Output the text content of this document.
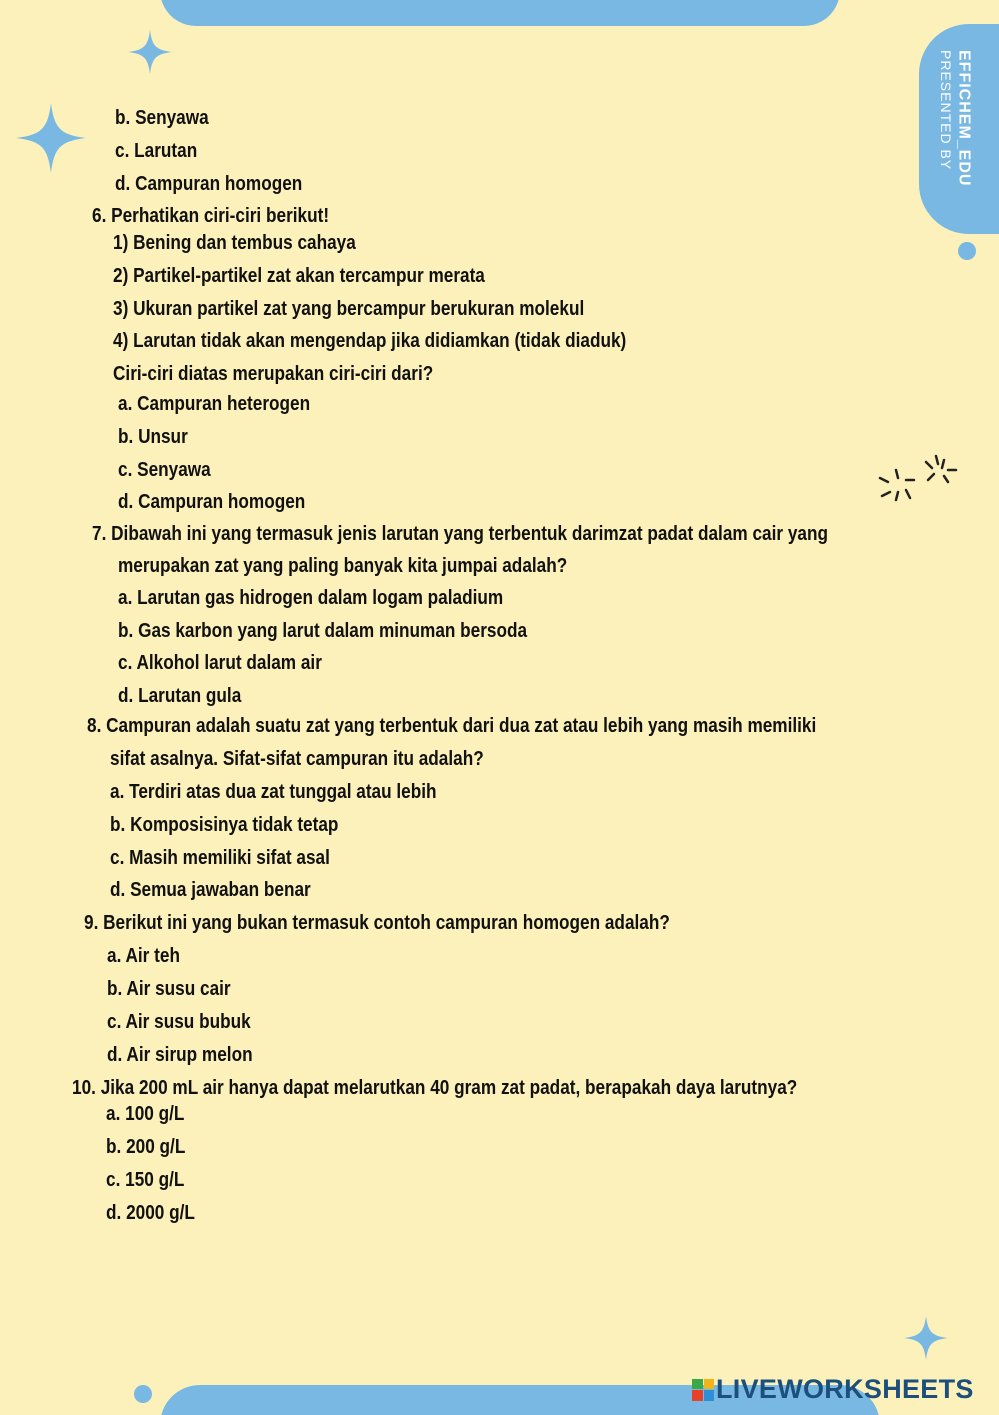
EFFICHEM_EDU
PRESENTED BY
b. Senyawa
c. Larutan
d. Campuran homogen
6. Perhatikan ciri-ciri berikut!
1) Bening dan tembus cahaya
2) Partikel-partikel zat akan tercampur merata
3) Ukuran partikel zat yang bercampur berukuran molekul
4) Larutan tidak akan mengendap jika didiamkan (tidak diaduk)
Ciri-ciri diatas merupakan ciri-ciri dari?
a. Campuran heterogen
b. Unsur
c. Senyawa
d. Campuran homogen
7. Dibawah ini yang termasuk jenis larutan yang terbentuk darimzat padat dalam cair yang
merupakan zat yang paling banyak kita jumpai adalah?
a. Larutan gas hidrogen dalam logam paladium
b. Gas karbon yang larut dalam minuman bersoda
c. Alkohol larut dalam air
d. Larutan gula
8. Campuran adalah suatu zat yang terbentuk dari dua zat atau lebih yang masih memiliki
sifat asalnya. Sifat-sifat campuran itu adalah?
a. Terdiri atas dua zat tunggal atau lebih
b. Komposisinya tidak tetap
c. Masih memiliki sifat asal
d. Semua jawaban benar
9. Berikut ini yang bukan termasuk contoh campuran homogen adalah?
a. Air teh
b. Air susu cair
c. Air susu bubuk
d. Air sirup melon
10. Jika 200 mL air hanya dapat melarutkan 40 gram zat padat, berapakah daya larutnya?
a. 100 g/L
b. 200 g/L
c. 150 g/L
d. 2000 g/L
LIVEWORKSHEETS
